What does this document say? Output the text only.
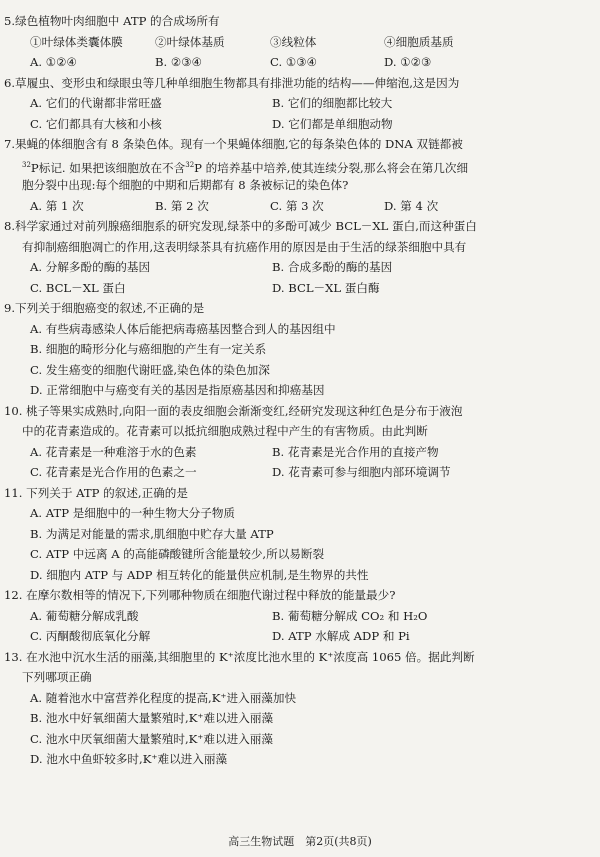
5.绿色植物叶肉细胞中 ATP 的合成场所有
①叶绿体类囊体膜	②叶绿体基质	③线粒体	④细胞质基质
A. ①②④	B. ②③④	C. ①③④	D. ①②③
6.草履虫、变形虫和绿眼虫等几种单细胞生物都具有排泄功能的结构——伸缩泡,这是因为
A. 它们的代谢都非常旺盛	B. 它们的细胞都比较大
C. 它们都具有大核和小核	D. 它们都是单细胞动物
7.果蝇的体细胞含有 8 条染色体。现有一个果蝇体细胞,它的每条染色体的 DNA 双链都被
$^{32}$P标记. 如果把该细胞放在不含$^{32}$P 的培养基中培养,使其连续分裂,那么将会在第几次细
胞分裂中出现:每个细胞的中期和后期都有 8 条被标记的染色体?
A. 第 1 次	B. 第 2 次	C. 第 3 次	D. 第 4 次
8.科学家通过对前列腺癌细胞系的研究发现,绿茶中的多酚可减少 BCL－XL 蛋白,而这种蛋白
有抑制癌细胞凋亡的作用,这表明绿茶具有抗癌作用的原因是由于生活的绿茶细胞中具有
A. 分解多酚的酶的基因	B. 合成多酚的酶的基因
C. BCL－XL 蛋白	D. BCL－XL 蛋白酶
9.下列关于细胞癌变的叙述,不正确的是
A. 有些病毒感染人体后能把病毒癌基因整合到人的基因组中
B. 细胞的畸形分化与癌细胞的产生有一定关系
C. 发生癌变的细胞代谢旺盛,染色体的染色加深
D. 正常细胞中与癌变有关的基因是指原癌基因和抑癌基因
10. 桃子等果实成熟时,向阳一面的表皮细胞会渐渐变红,经研究发现这种红色是分布于液泡
中的花青素造成的。花青素可以抵抗细胞成熟过程中产生的有害物质。由此判断
A. 花青素是一种难溶于水的色素	B. 花青素是光合作用的直接产物
C. 花青素是光合作用的色素之一	D. 花青素可参与细胞内部环境调节
11. 下列关于 ATP 的叙述,正确的是
A. ATP 是细胞中的一种生物大分子物质
B. 为满足对能量的需求,肌细胞中贮存大量 ATP
C. ATP 中远离 A 的高能磷酸键所含能量较少,所以易断裂
D. 细胞内 ATP 与 ADP 相互转化的能量供应机制,是生物界的共性
12. 在摩尔数相等的情况下,下列哪种物质在细胞代谢过程中释放的能量最少?
A. 葡萄糖分解成乳酸	B. 葡萄糖分解成 CO₂ 和 H₂O
C. 丙酮酸彻底氧化分解	D. ATP 水解成 ADP 和 Pi
13. 在水池中沉水生活的丽藻,其细胞里的 K⁺浓度比池水里的 K⁺浓度高 1065 倍。据此判断
下列哪项正确
A. 随着池水中富营养化程度的提高,K⁺进入丽藻加快
B. 池水中好氧细菌大量繁殖时,K⁺难以进入丽藻
C. 池水中厌氧细菌大量繁殖时,K⁺难以进入丽藻
D. 池水中鱼虾较多时,K⁺难以进入丽藻
高三生物试题　第2页(共8页)
